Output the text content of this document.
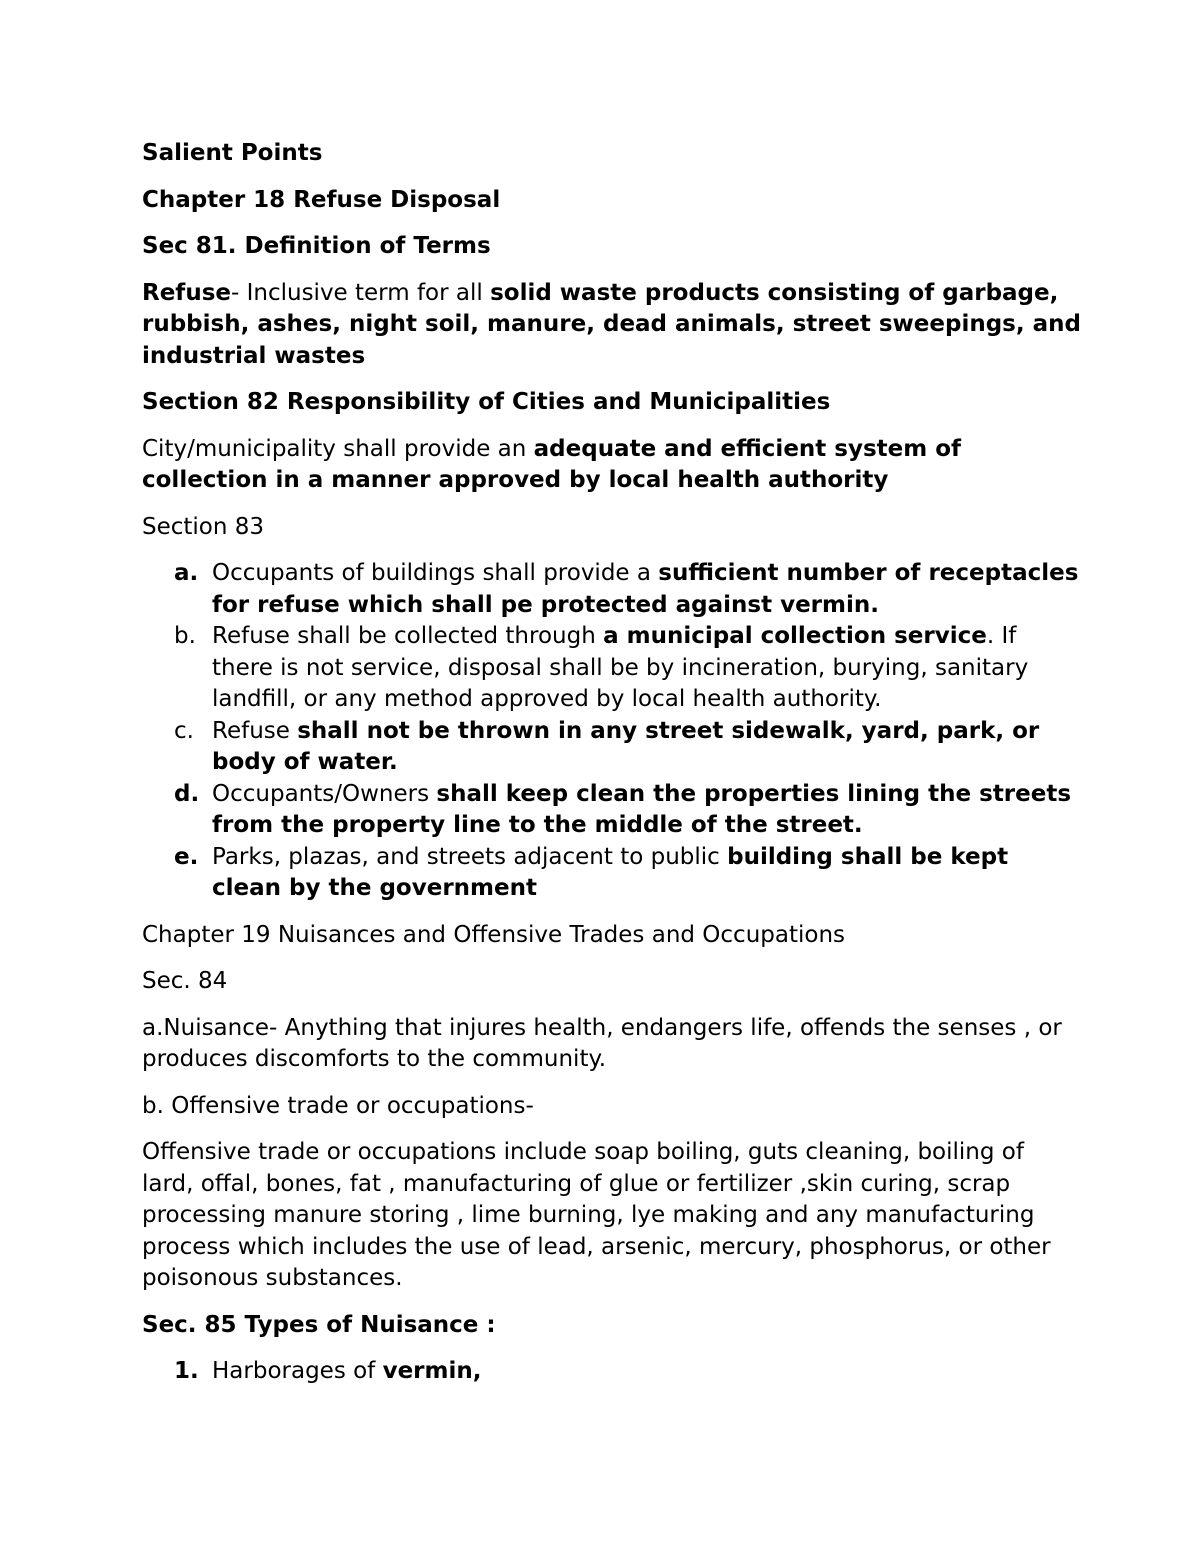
Salient Points

Chapter 18 Refuse Disposal

Sec 81. Definition of Terms

Refuse- Inclusive term for all solid waste products consisting of garbage, rubbish, ashes, night soil, manure, dead animals, street sweepings, and industrial wastes

Section 82 Responsibility of Cities and Municipalities

City/municipality shall provide an adequate and efficient system of collection in a manner approved by local health authority

Section 83

a. Occupants of buildings shall provide a sufficient number of receptacles for refuse which shall pe protected against vermin.
b. Refuse shall be collected through a municipal collection service. If there is not service, disposal shall be by incineration, burying, sanitary landfill, or any method approved by local health authority.
c. Refuse shall not be thrown in any street sidewalk, yard, park, or body of water.
d. Occupants/Owners shall keep clean the properties lining the streets from the property line to the middle of the street.
e. Parks, plazas, and streets adjacent to public building shall be kept clean by the government

Chapter 19 Nuisances and Offensive Trades and Occupations

Sec. 84

a.Nuisance- Anything that injures health, endangers life, offends the senses , or produces discomforts to the community.

b. Offensive trade or occupations-

Offensive trade or occupations include soap boiling, guts cleaning, boiling of lard, offal, bones, fat , manufacturing of glue or fertilizer ,skin curing, scrap processing manure storing , lime burning, lye making and any manufacturing process which includes the use of lead, arsenic, mercury, phosphorus, or other poisonous substances.

Sec. 85 Types of Nuisance :

1. Harborages of vermin,
